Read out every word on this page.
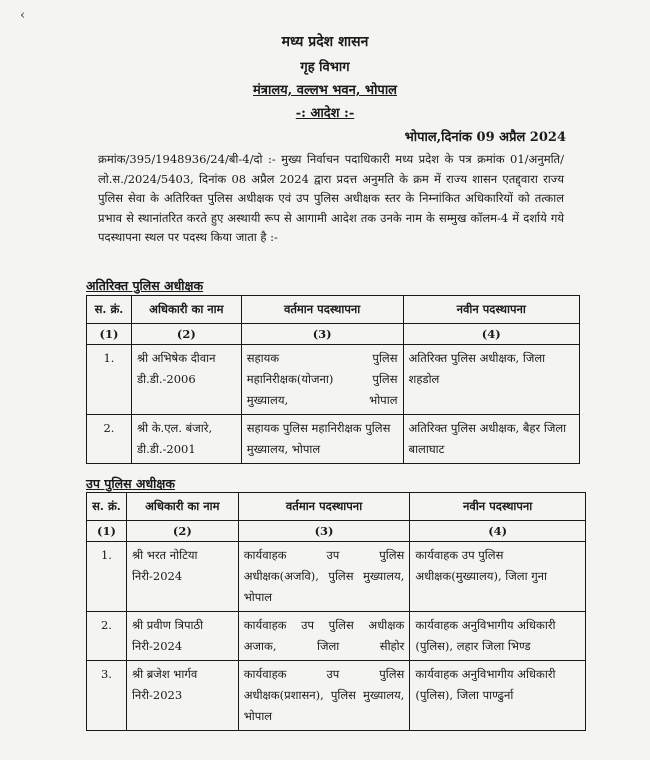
‹
मध्य प्रदेश शासन
गृह विभाग
मंत्रालय, वल्लभ भवन, भोपाल
-: आदेश :-
भोपाल,दिनांक 09 अप्रैल 2024
क्रमांक/395/1948936/24/बी-4/दो :- मुख्य निर्वाचन पदाधिकारी मध्य प्रदेश के पत्र क्रमांक 01/अनुमति/लो.स./2024/5403, दिनांक 08 अप्रैल 2024 द्वारा प्रदत्त अनुमति के क्रम में राज्य शासन एतद्द्वारा राज्य पुलिस सेवा के अतिरिक्त पुलिस अधीक्षक एवं उप पुलिस अधीक्षक स्तर के निम्नांकित अधिकारियों को तत्काल प्रभाव से स्थानांतरित करते हुए अस्थायी रूप से आगामी आदेश तक उनके नाम के सम्मुख कॉलम-4 में दर्शाये गये पदस्थापना स्थल पर पदस्थ किया जाता है :-
अतिरिक्त पुलिस अधीक्षक
स. क्रं.	अधिकारी का नाम	वर्तमान पदस्थापना	नवीन पदस्थापना
(1)	(2)	(3)	(4)
1.	श्री अभिषेक दीवान डी.डी.-2006	सहायक पुलिस महानिरीक्षक(योजना) पुलिस मुख्यालय, भोपाल	अतिरिक्त पुलिस अधीक्षक, जिला शहडोल
2.	श्री के.एल. बंजारे, डी.डी.-2001	सहायक पुलिस महानिरीक्षक पुलिस मुख्यालय, भोपाल	अतिरिक्त पुलिस अधीक्षक, बैहर जिला बालाघाट
उप पुलिस अधीक्षक
स. क्रं.	अधिकारी का नाम	वर्तमान पदस्थापना	नवीन पदस्थापना
(1)	(2)	(3)	(4)
1.	श्री भरत नोटिया निरी-2024	कार्यवाहक उप पुलिस अधीक्षक(अजवि), पुलिस मुख्यालय, भोपाल	कार्यवाहक उप पुलिस अधीक्षक(मुख्यालय), जिला गुना
2.	श्री प्रवीण त्रिपाठी निरी-2024	कार्यवाहक उप पुलिस अधीक्षक अजाक, जिला सीहोर	कार्यवाहक अनुविभागीय अधिकारी (पुलिस), लहार जिला भिण्ड
3.	श्री ब्रजेश भार्गव निरी-2023	कार्यवाहक उप पुलिस अधीक्षक(प्रशासन), पुलिस मुख्यालय, भोपाल	कार्यवाहक अनुविभागीय अधिकारी (पुलिस), जिला पाण्ढुर्ना
